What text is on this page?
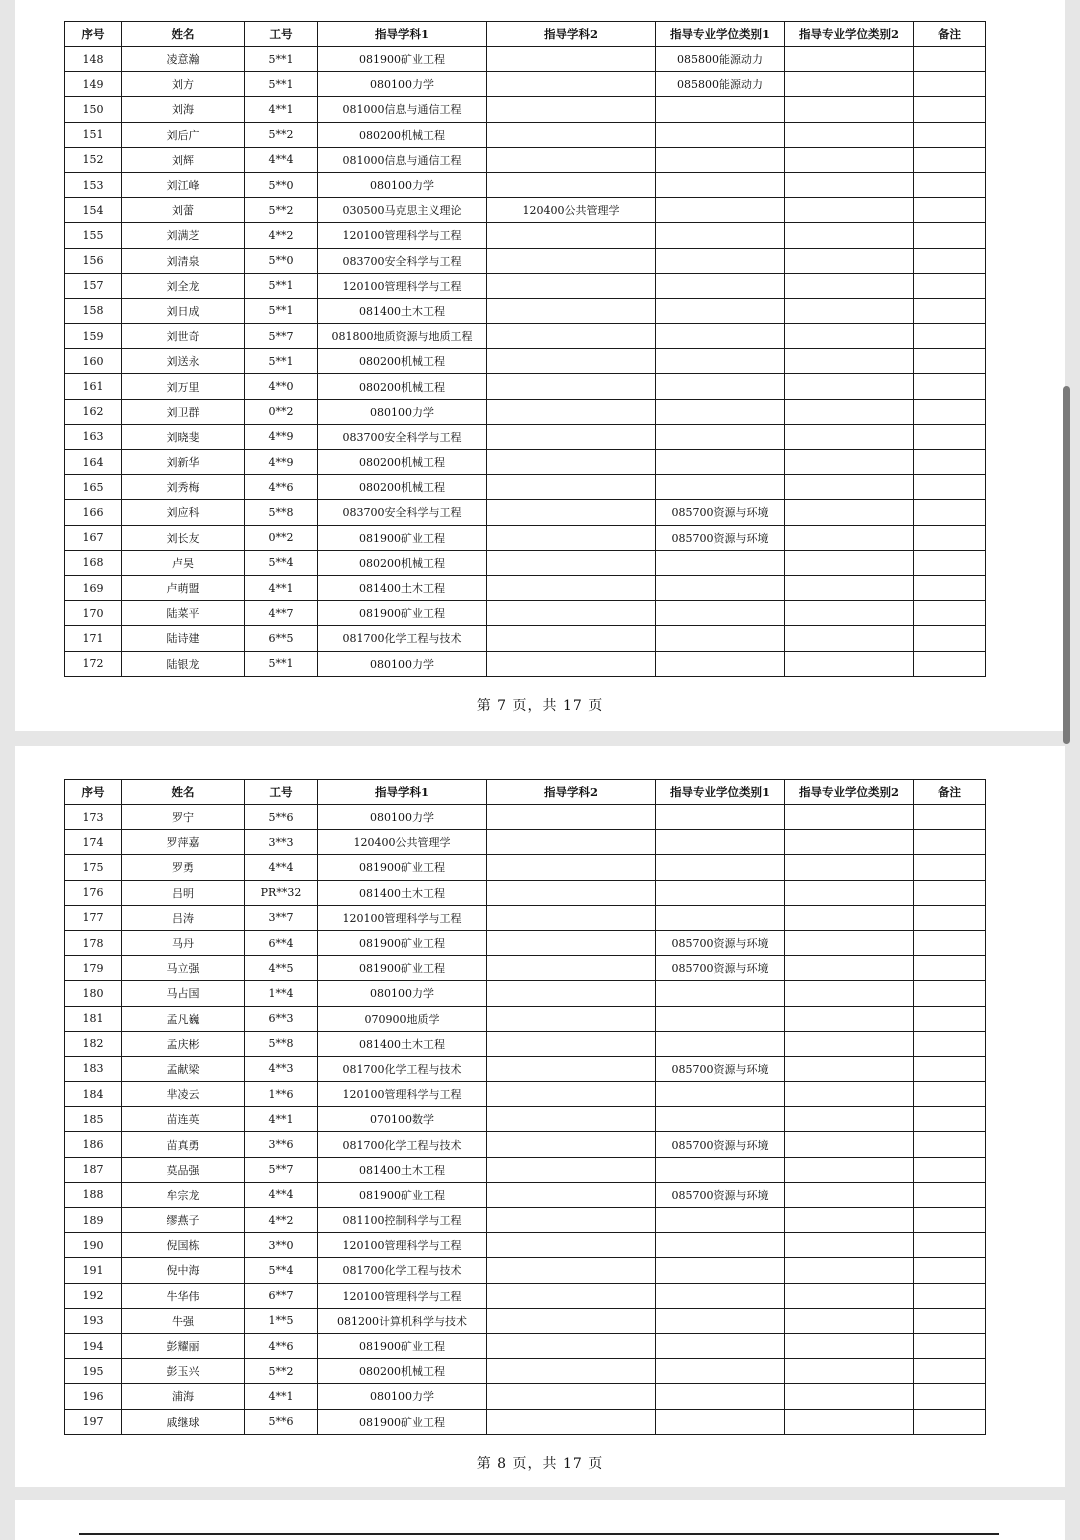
第 7 页，共 17 页
序号	姓名	工号	指导学科1	指导学科2	指导专业学位类别1	指导专业学位类别2	备注
148	凌意瀚	5**1	081900矿业工程		085800能源动力		
149	刘方	5**1	080100力学		085800能源动力		
150	刘海	4**1	081000信息与通信工程				
151	刘后广	5**2	080200机械工程				
152	刘辉	4**4	081000信息与通信工程				
153	刘江峰	5**0	080100力学				
154	刘蕾	5**2	030500马克思主义理论	120400公共管理学			
155	刘满芝	4**2	120100管理科学与工程				
156	刘清泉	5**0	083700安全科学与工程				
157	刘全龙	5**1	120100管理科学与工程				
158	刘日成	5**1	081400土木工程				
159	刘世奇	5**7	081800地质资源与地质工程				
160	刘送永	5**1	080200机械工程				
161	刘万里	4**0	080200机械工程				
162	刘卫群	0**2	080100力学				
163	刘晓斐	4**9	083700安全科学与工程				
164	刘新华	4**9	080200机械工程				
165	刘秀梅	4**6	080200机械工程				
166	刘应科	5**8	083700安全科学与工程		085700资源与环境		
167	刘长友	0**2	081900矿业工程		085700资源与环境		
168	卢昊	5**4	080200机械工程				
169	卢萌盟	4**1	081400土木工程				
170	陆菜平	4**7	081900矿业工程				
171	陆诗建	6**5	081700化学工程与技术				
172	陆银龙	5**1	080100力学				
第 8 页，共 17 页
序号	姓名	工号	指导学科1	指导学科2	指导专业学位类别1	指导专业学位类别2	备注
173	罗宁	5**6	080100力学				
174	罗萍嘉	3**3	120400公共管理学				
175	罗勇	4**4	081900矿业工程				
176	吕明	PR**32	081400土木工程				
177	吕涛	3**7	120100管理科学与工程				
178	马丹	6**4	081900矿业工程		085700资源与环境		
179	马立强	4**5	081900矿业工程		085700资源与环境		
180	马占国	1**4	080100力学				
181	孟凡巍	6**3	070900地质学				
182	孟庆彬	5**8	081400土木工程				
183	孟献梁	4**3	081700化学工程与技术		085700资源与环境		
184	芈凌云	1**6	120100管理科学与工程				
185	苗连英	4**1	070100数学				
186	苗真勇	3**6	081700化学工程与技术		085700资源与环境		
187	莫品强	5**7	081400土木工程				
188	牟宗龙	4**4	081900矿业工程		085700资源与环境		
189	缪燕子	4**2	081100控制科学与工程				
190	倪国栋	3**0	120100管理科学与工程				
191	倪中海	5**4	081700化学工程与技术				
192	牛华伟	6**7	120100管理科学与工程				
193	牛强	1**5	081200计算机科学与技术				
194	彭耀丽	4**6	081900矿业工程				
195	彭玉兴	5**2	080200机械工程				
196	浦海	4**1	080100力学				
197	戚继球	5**6	081900矿业工程				
